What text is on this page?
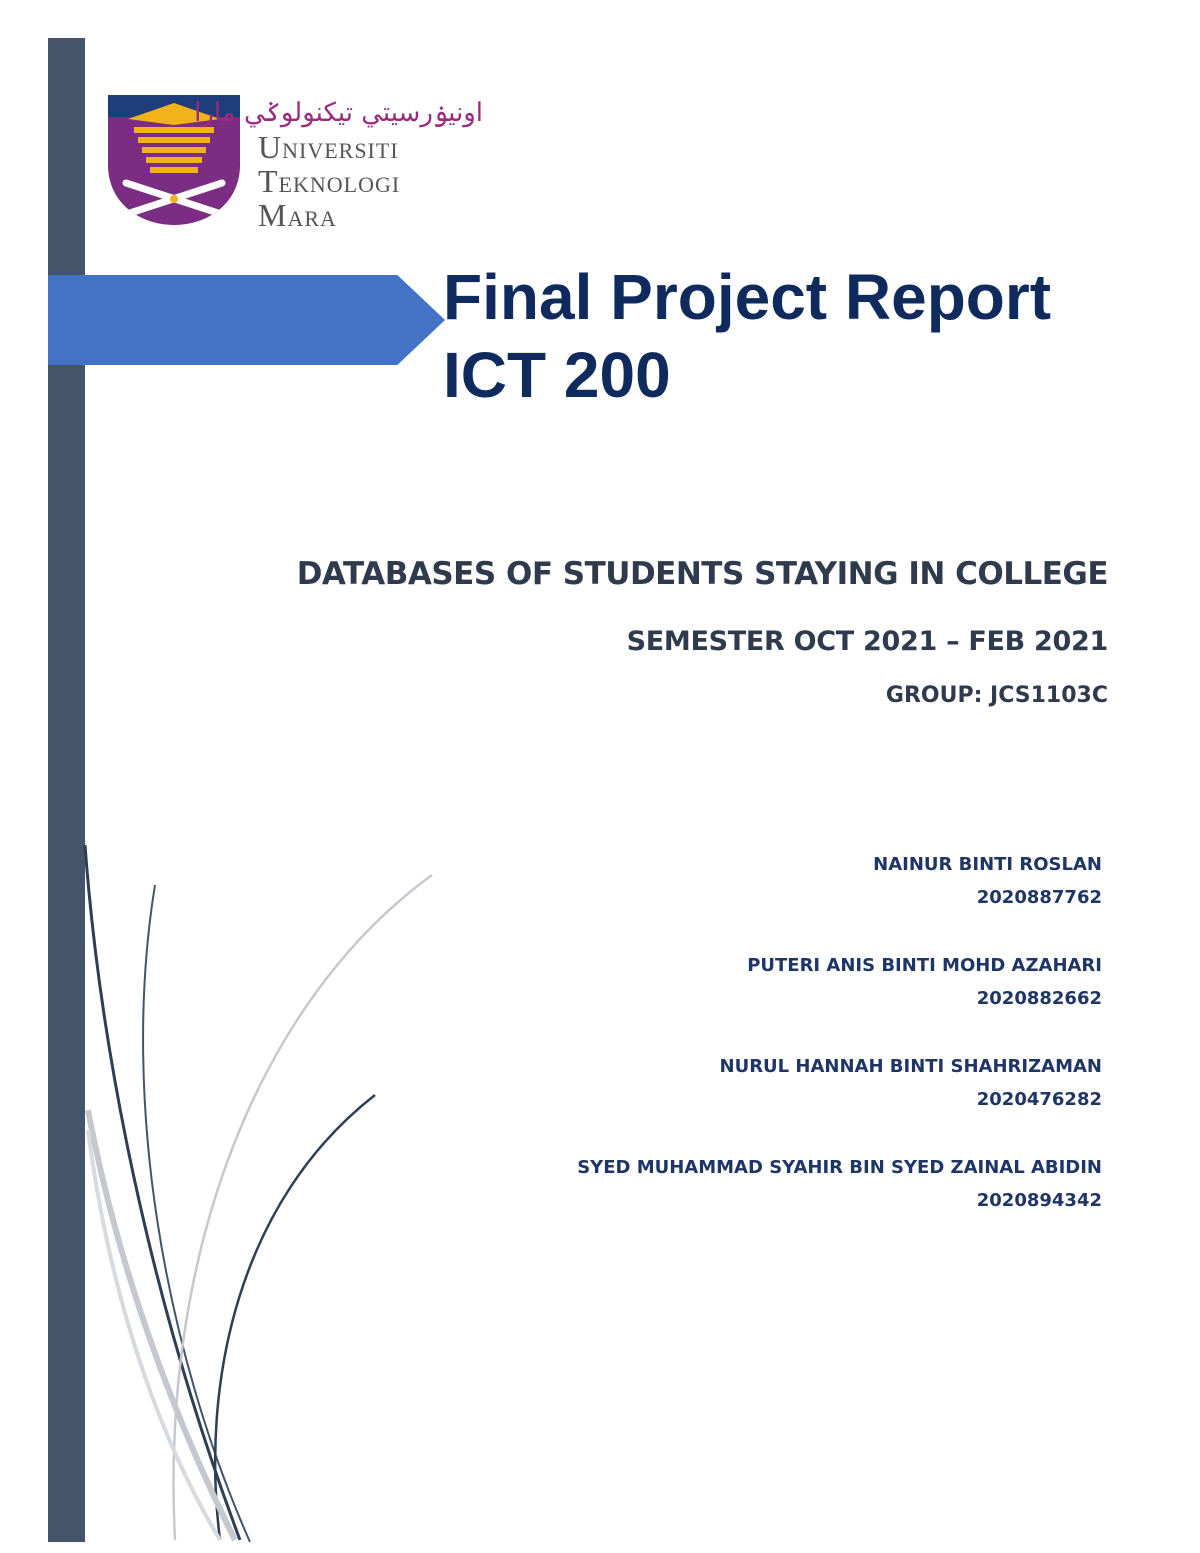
اونيۏرسيتي تيكنولوݢي مارا
Universiti
Teknologi
Mara
Final Project Report
ICT 200
DATABASES OF STUDENTS STAYING IN COLLEGE
SEMESTER OCT 2021 – FEB 2021
GROUP: JCS1103C
NAINUR BINTI ROSLAN
2020887762
PUTERI ANIS BINTI MOHD AZAHARI
2020882662
NURUL HANNAH BINTI SHAHRIZAMAN
2020476282
SYED MUHAMMAD SYAHIR BIN SYED ZAINAL ABIDIN
2020894342
